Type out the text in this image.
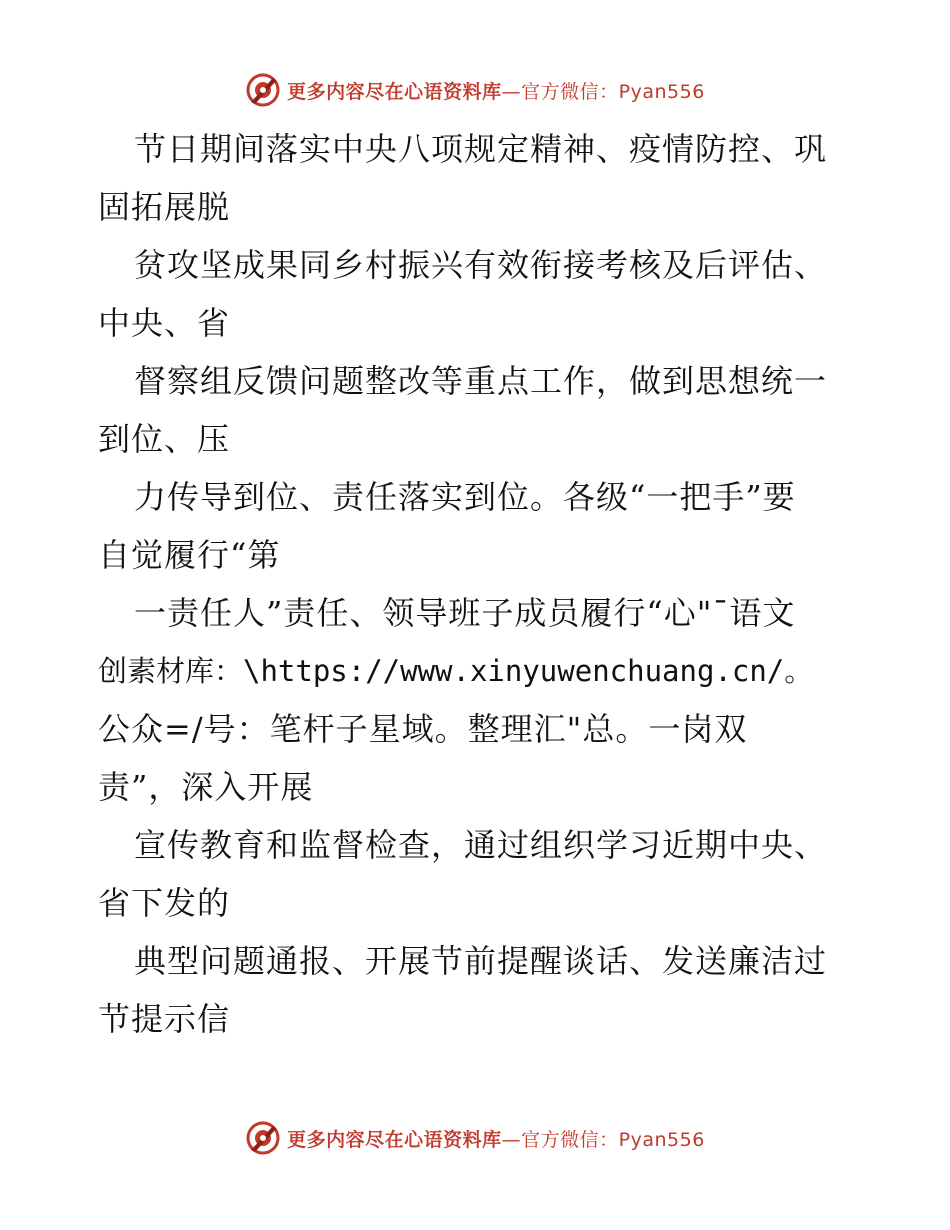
更多内容尽在心语资料库—官方微信：Pyan556
节日期间落实中央八项规定精神、疫情防控、巩
固拓展脱
贫攻坚成果同乡村振兴有效衔接考核及后评估、
中央、省
督察组反馈问题整改等重点工作，做到思想统一
到位、压
力传导到位、责任落实到位。各级“一把手”要
自觉履行“第
一责任人”责任、领导班子成员履行“心"¯语文
创素材库：\https://www.xinyuwenchuang.cn/。
公众=/号：笔杆子星域。整理汇"总。一岗双
责”，深入开展
宣传教育和监督检查，通过组织学习近期中央、
省下发的
典型问题通报、开展节前提醒谈话、发送廉洁过
节提示信
更多内容尽在心语资料库—官方微信：Pyan556
